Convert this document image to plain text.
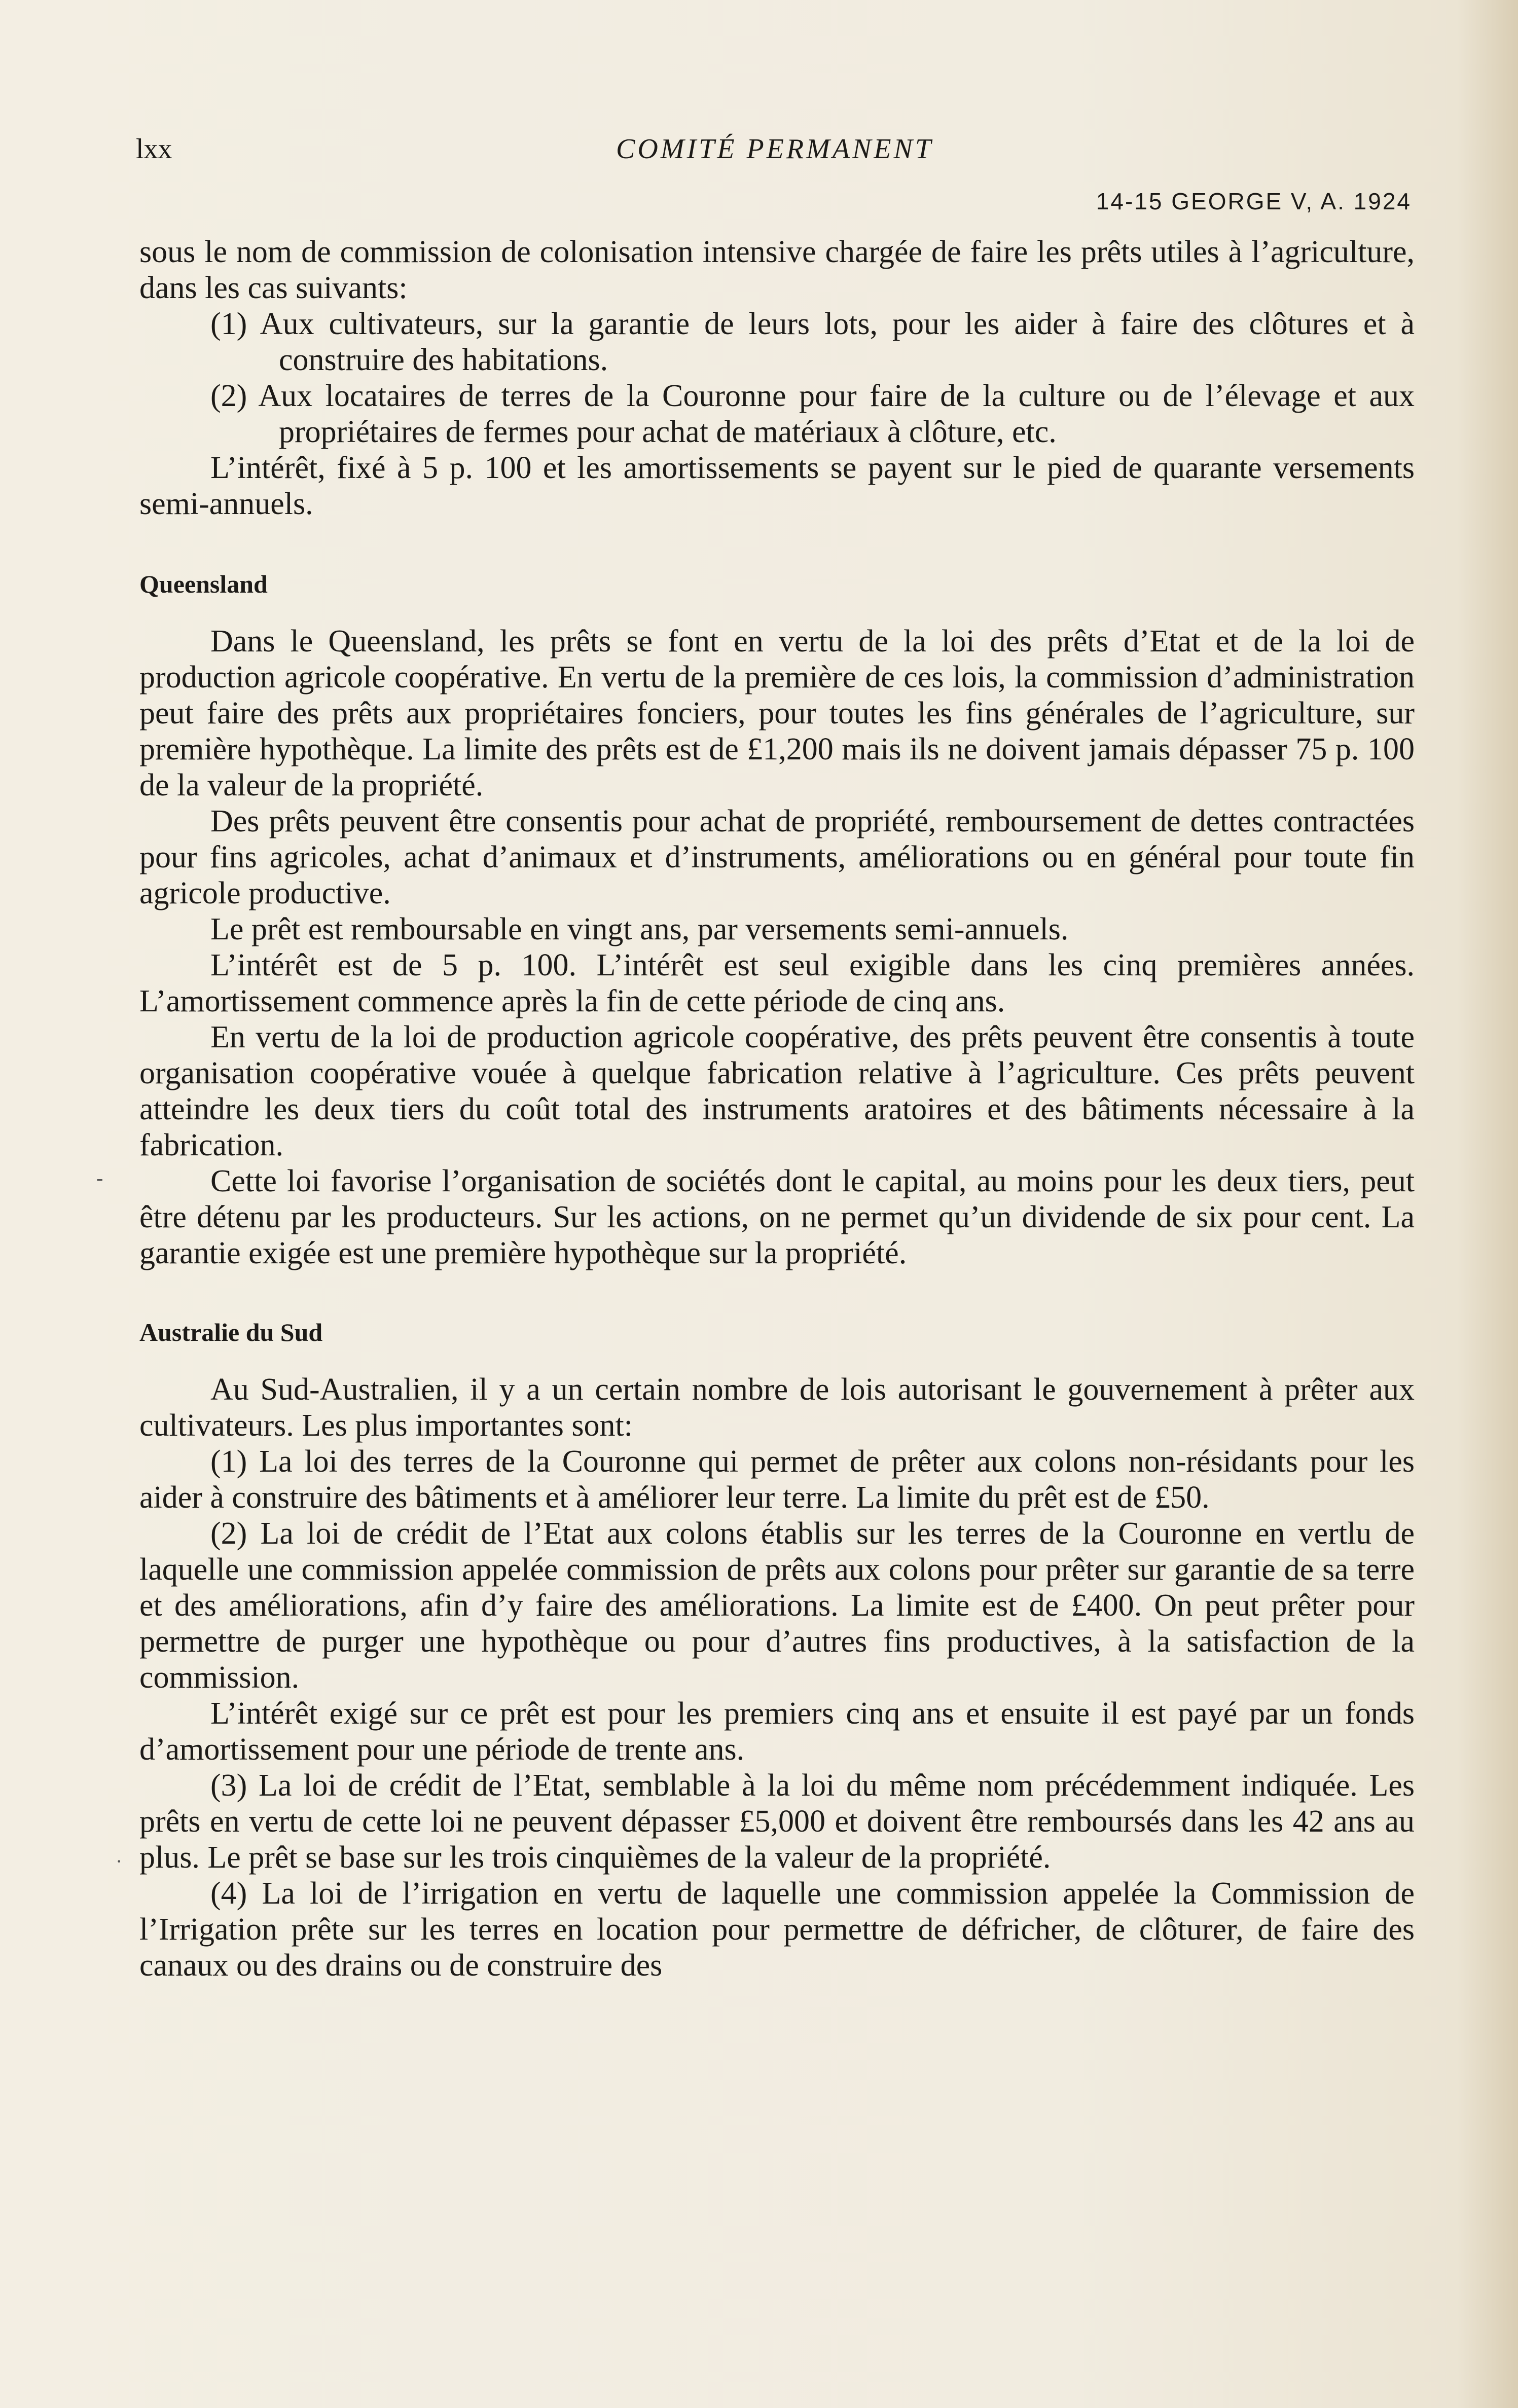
lxx	COMITÉ PERMANENT
14-15 GEORGE V, A. 1924

sous le nom de commission de colonisation intensive chargée de faire les prêts utiles à l’agriculture, dans les cas suivants:

(1) Aux cultivateurs, sur la garantie de leurs lots, pour les aider à faire des clôtures et à construire des habitations.

(2) Aux locataires de terres de la Couronne pour faire de la culture ou de l’élevage et aux propriétaires de fermes pour achat de matériaux à clôture, etc.

L’intérêt, fixé à 5 p. 100 et les amortissements se payent sur le pied de quarante versements semi-annuels.

Queensland

Dans le Queensland, les prêts se font en vertu de la loi des prêts d’Etat et de la loi de production agricole coopérative. En vertu de la première de ces lois, la commission d’administration peut faire des prêts aux propriétaires fonciers, pour toutes les fins générales de l’agriculture, sur première hypothèque. La limite des prêts est de £1,200 mais ils ne doivent jamais dépasser 75 p. 100 de la valeur de la propriété.

Des prêts peuvent être consentis pour achat de propriété, remboursement de dettes contractées pour fins agricoles, achat d’animaux et d’instruments, améliorations ou en général pour toute fin agricole productive.

Le prêt est remboursable en vingt ans, par versements semi-annuels.

L’intérêt est de 5 p. 100. L’intérêt est seul exigible dans les cinq premières années. L’amortissement commence après la fin de cette période de cinq ans.

En vertu de la loi de production agricole coopérative, des prêts peuvent être consentis à toute organisation coopérative vouée à quelque fabrication relative à l’agriculture. Ces prêts peuvent atteindre les deux tiers du coût total des instruments aratoires et des bâtiments nécessaire à la fabrication.

Cette loi favorise l’organisation de sociétés dont le capital, au moins pour les deux tiers, peut être détenu par les producteurs. Sur les actions, on ne permet qu’un dividende de six pour cent. La garantie exigée est une première hypothèque sur la propriété.

Australie du Sud

Au Sud-Australien, il y a un certain nombre de lois autorisant le gouvernement à prêter aux cultivateurs. Les plus importantes sont:

(1) La loi des terres de la Couronne qui permet de prêter aux colons non-résidants pour les aider à construire des bâtiments et à améliorer leur terre. La limite du prêt est de £50.

(2) La loi de crédit de l’Etat aux colons établis sur les terres de la Couronne en vertlu de laquelle une commission appelée commission de prêts aux colons pour prêter sur garantie de sa terre et des améliorations, afin d’y faire des améliorations. La limite est de £400. On peut prêter pour permettre de purger une hypothèque ou pour d’autres fins productives, à la satisfaction de la commission.

L’intérêt exigé sur ce prêt est pour les premiers cinq ans et ensuite il est payé par un fonds d’amortissement pour une période de trente ans.

(3) La loi de crédit de l’Etat, semblable à la loi du même nom précédemment indiquée. Les prêts en vertu de cette loi ne peuvent dépasser £5,000 et doivent être remboursés dans les 42 ans au plus. Le prêt se base sur les trois cinquièmes de la valeur de la propriété.

(4) La loi de l’irrigation en vertu de laquelle une commission appelée la Commission de l’Irrigation prête sur les terres en location pour permettre de défricher, de clôturer, de faire des canaux ou des drains ou de construire des

-
·
